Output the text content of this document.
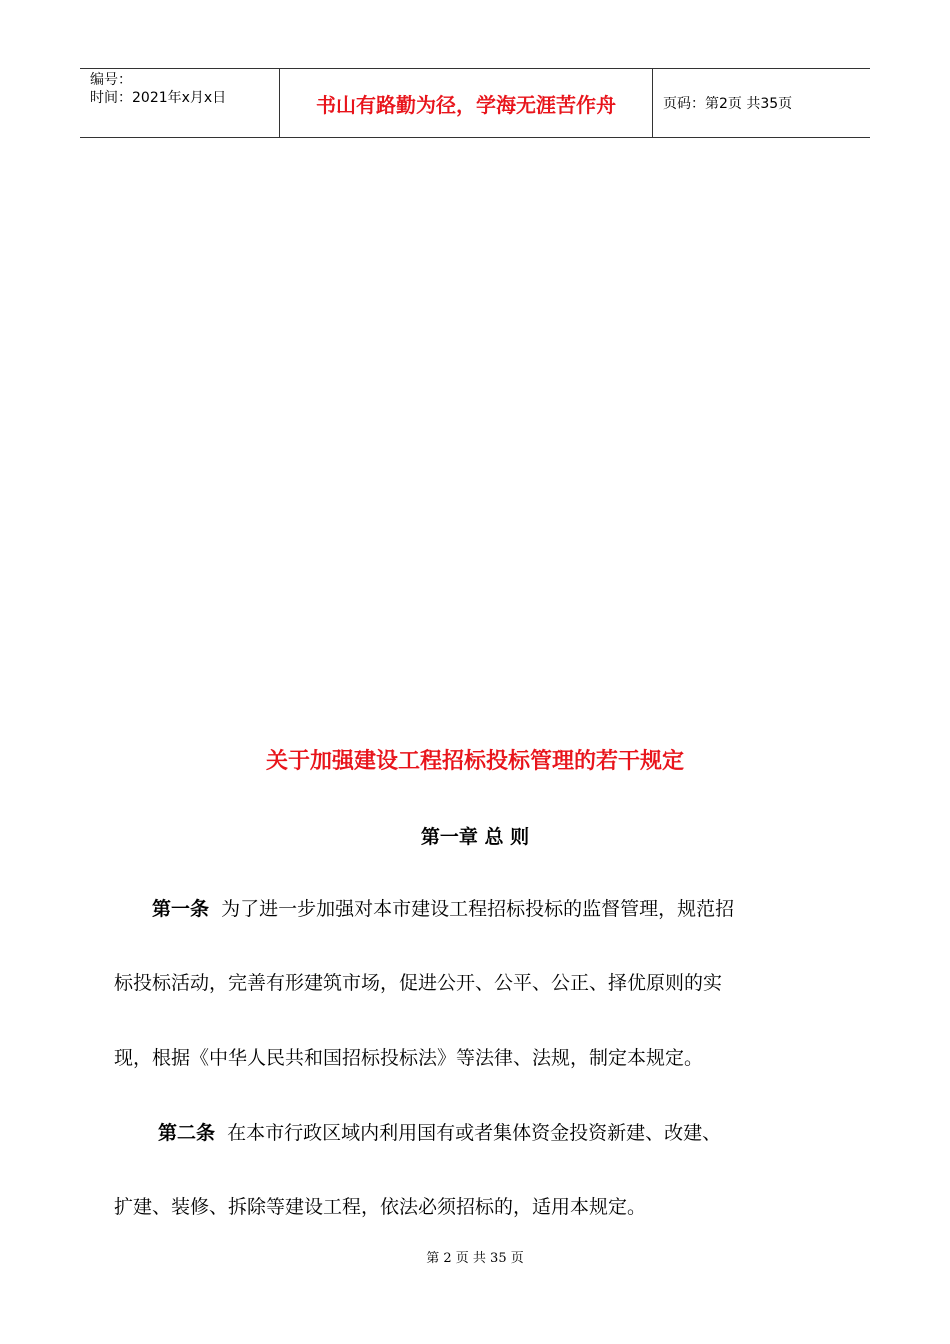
编号：
时间：2021年x月x日	书山有路勤为径，学海无涯苦作舟	页码：第2页 共35页
关于加强建设工程招标投标管理的若干规定
第一章 总 则
第一条 为了进一步加强对本市建设工程招标投标的监督管理，规范招
标投标活动，完善有形建筑市场，促进公开、公平、公正、择优原则的实
现，根据《中华人民共和国招标投标法》等法律、法规，制定本规定。
第二条 在本市行政区域内利用国有或者集体资金投资新建、改建、
扩建、装修、拆除等建设工程，依法必须招标的，适用本规定。
第 2 页 共 35 页
